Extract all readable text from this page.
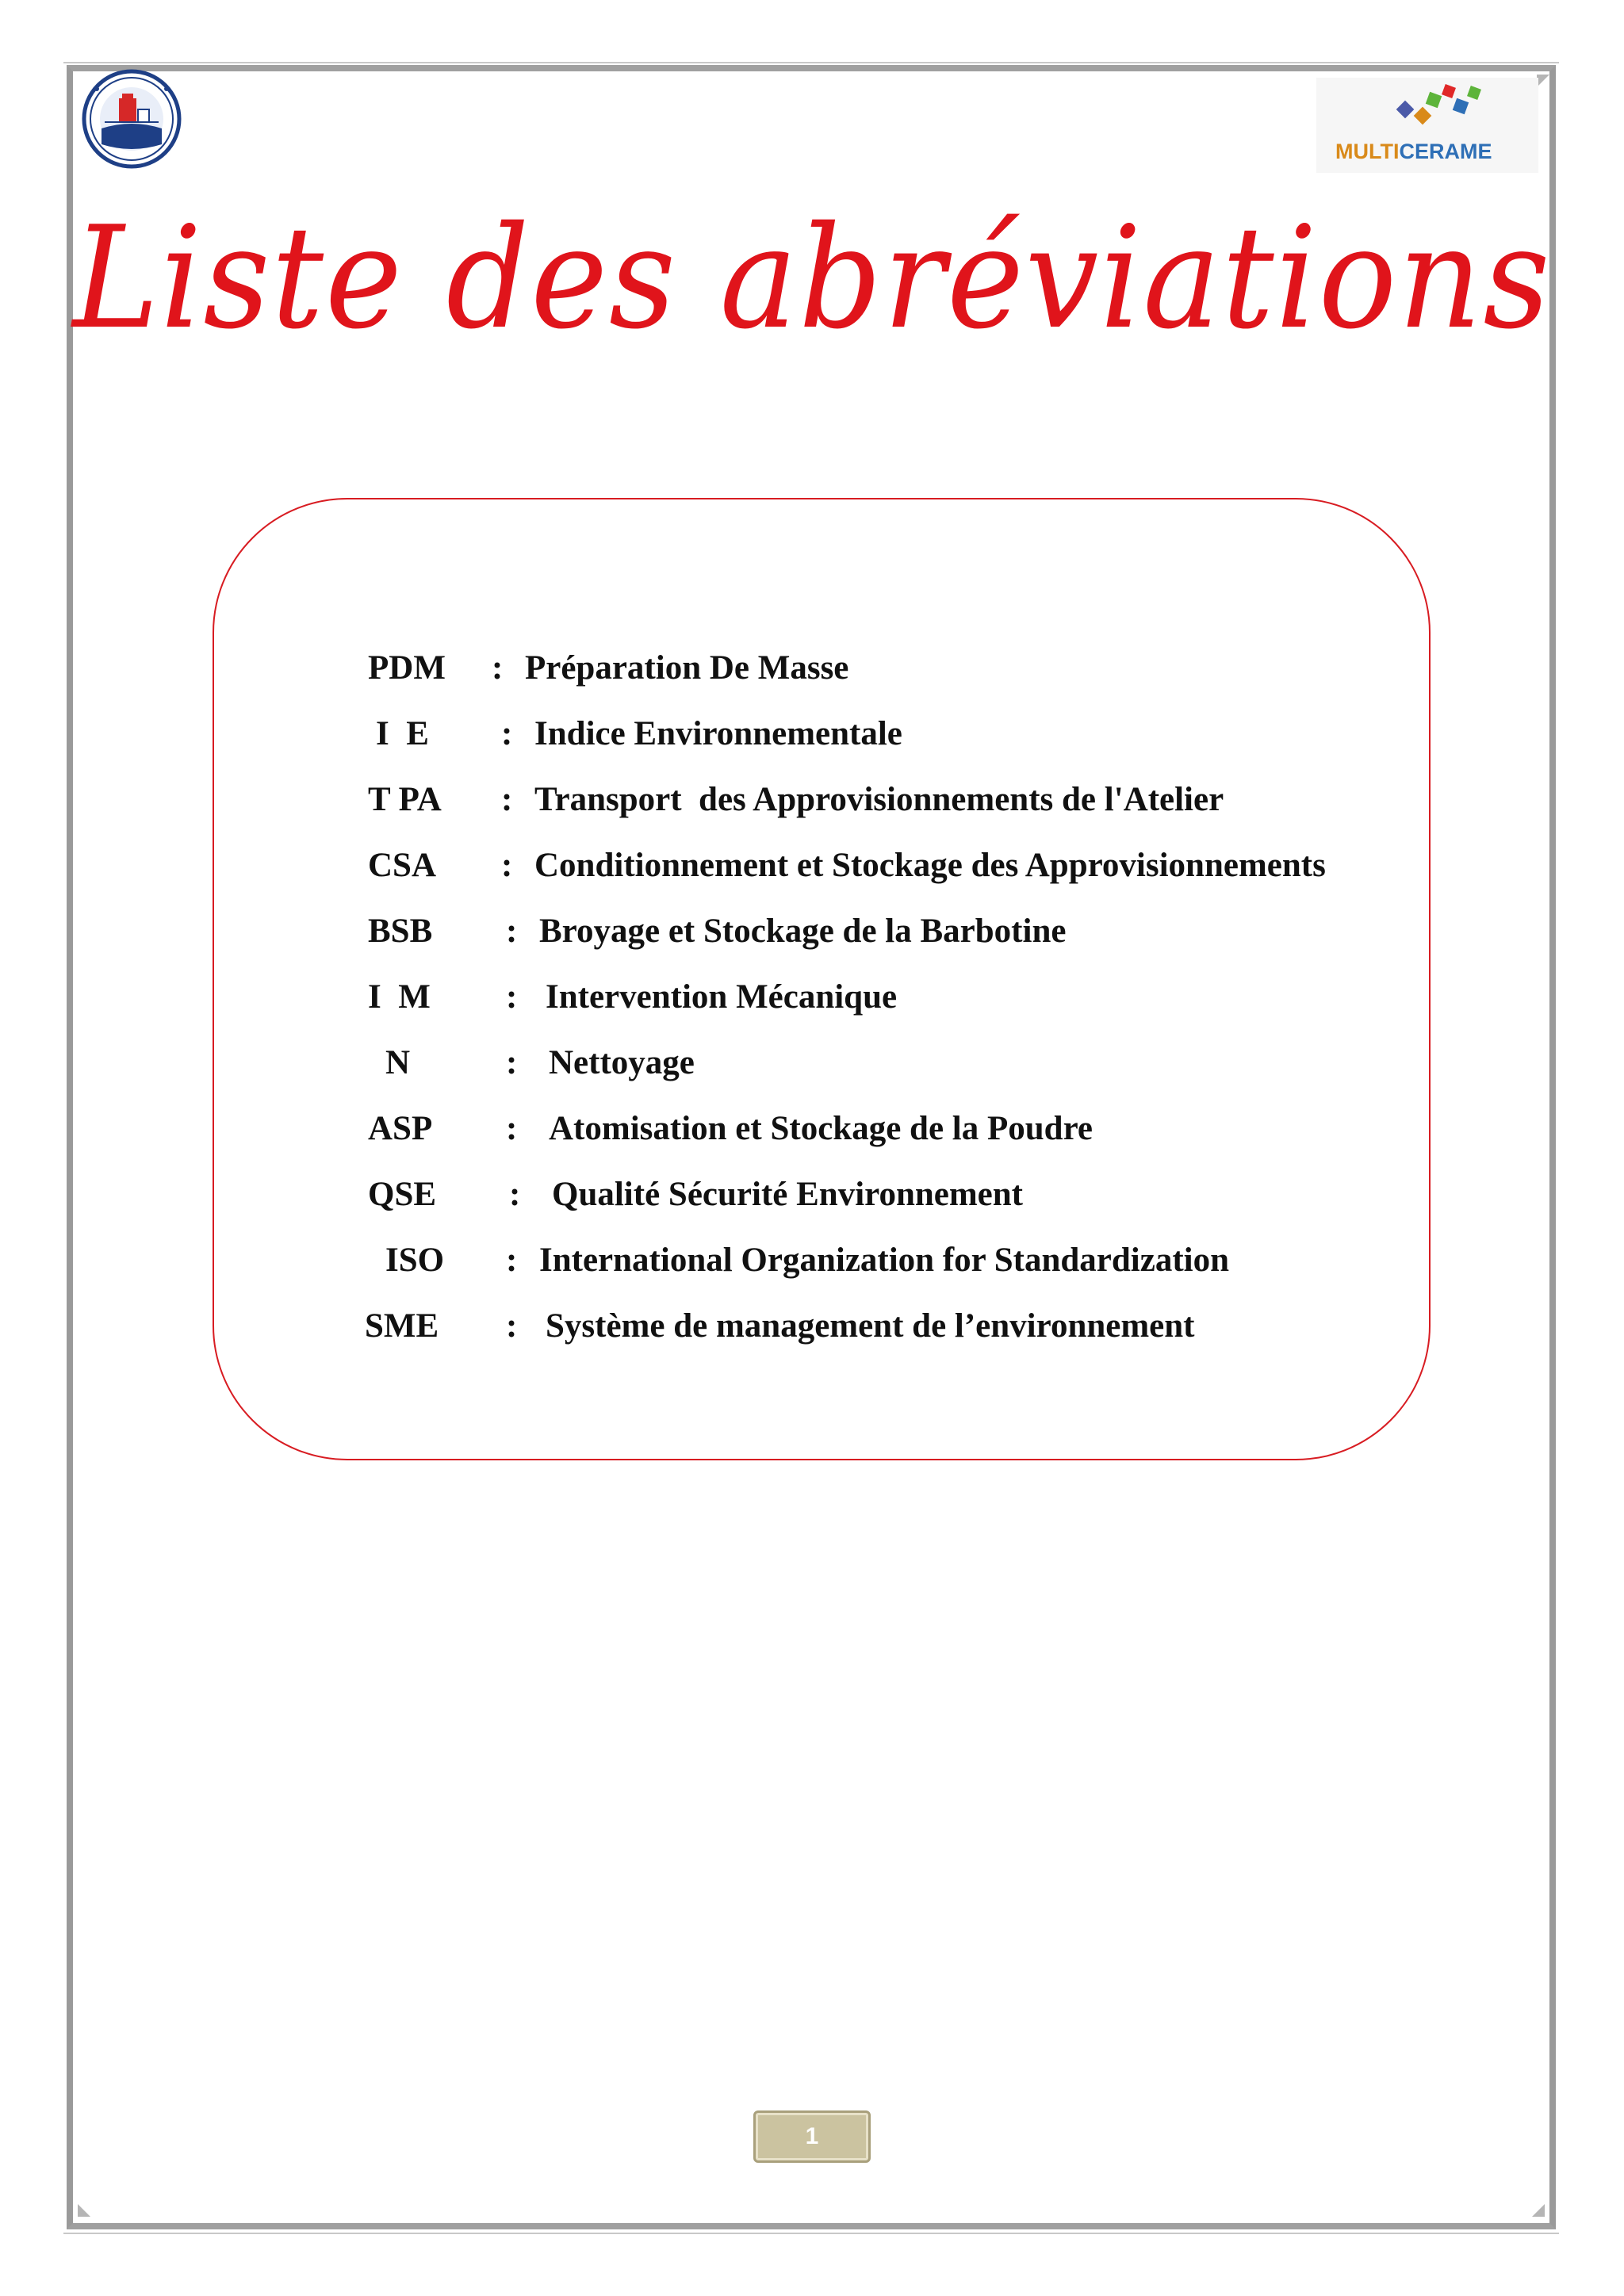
MULTICERAME
Liste des abréviations
PDM : Préparation De Masse
I  E : Indice Environnementale
T PA : Transport  des Approvisionnements de l'Atelier
CSA : Conditionnement et Stockage des Approvisionnements
BSB : Broyage et Stockage de la Barbotine
I  M : Intervention Mécanique
N	: Nettoyage
ASP : Atomisation et Stockage de la Poudre
QSE : Qualité Sécurité Environnement
ISO : International Organization for Standardization
SME : Système de management de l’environnement
1
